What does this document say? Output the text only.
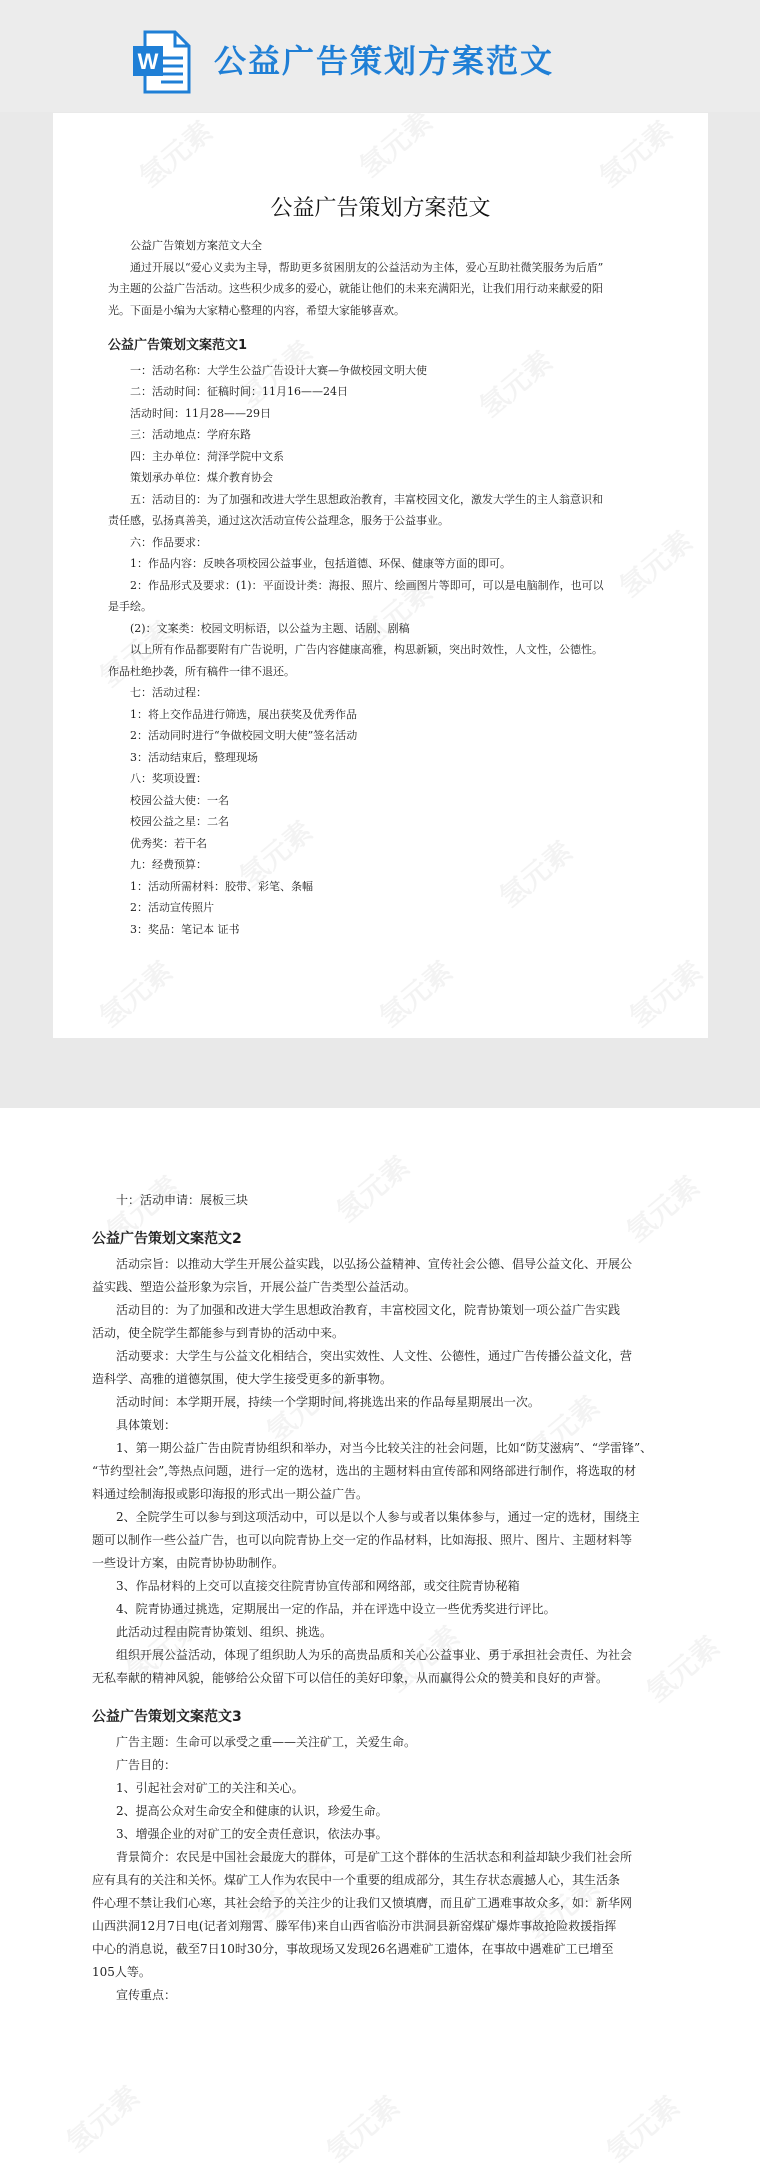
W 公益广告策划方案范文
公益广告策划方案范文

公益广告策划方案范文大全

通过开展以“爱心义卖为主导，帮助更多贫困朋友的公益活动为主体，爱心互助社微笑服务为后盾”

为主题的公益广告活动。这些积少成多的爱心，就能让他们的未来充满阳光，让我们用行动来献爱的阳

光。下面是小编为大家精心整理的内容，希望大家能够喜欢。

公益广告策划文案范文1

一：活动名称：大学生公益广告设计大赛—争做校园文明大使

二：活动时间：征稿时间：11月16——24日

活动时间：11月28——29日

三：活动地点：学府东路

四：主办单位：菏泽学院中文系

策划承办单位：煤介教育协会

五：活动目的：为了加强和改进大学生思想政治教育，丰富校园文化，激发大学生的主人翁意识和

责任感，弘扬真善美，通过这次活动宣传公益理念，服务于公益事业。

六：作品要求：

1：作品内容：反映各项校园公益事业，包括道德、环保、健康等方面的即可。

2：作品形式及要求：(1)：平面设计类：海报、照片、绘画图片等即可，可以是电脑制作，也可以

是手绘。

(2)：文案类：校园文明标语，以公益为主题、话剧、剧稿

以上所有作品都要附有广告说明，广告内容健康高雅，构思新颖，突出时效性，人文性，公德性。

作品杜绝抄袭，所有稿件一律不退还。

七：活动过程：

1：将上交作品进行筛选，展出获奖及优秀作品

2：活动同时进行“争做校园文明大使”签名活动

3：活动结束后，整理现场

八：奖项设置：

校园公益大使：一名

校园公益之星：二名

优秀奖：若干名

九：经费预算：

1：活动所需材料：胶带、彩笔、条幅

2：活动宣传照片

3：奖品：笔记本 证书

十：活动申请：展板三块

公益广告策划文案范文2

活动宗旨：以推动大学生开展公益实践，以弘扬公益精神、宣传社会公德、倡导公益文化、开展公

益实践、塑造公益形象为宗旨，开展公益广告类型公益活动。

活动目的：为了加强和改进大学生思想政治教育，丰富校园文化，院青协策划一项公益广告实践

活动，使全院学生都能参与到青协的活动中来。

活动要求：大学生与公益文化相结合，突出实效性、人文性、公德性，通过广告传播公益文化，营

造科学、高雅的道德氛围，使大学生接受更多的新事物。

活动时间：本学期开展，持续一个学期时间,将挑选出来的作品每星期展出一次。

具体策划：

1、第一期公益广告由院青协组织和举办，对当今比较关注的社会问题，比如“防艾滋病”、“学雷锋”、

“节约型社会”,等热点问题，进行一定的选材，选出的主题材料由宣传部和网络部进行制作，将选取的材

料通过绘制海报或影印海报的形式出一期公益广告。

2、全院学生可以参与到这项活动中，可以是以个人参与或者以集体参与，通过一定的选材，围绕主

题可以制作一些公益广告，也可以向院青协上交一定的作品材料，比如海报、照片、图片、主题材料等

一些设计方案，由院青协协助制作。

3、作品材料的上交可以直接交往院青协宣传部和网络部，或交往院青协秘箱

4、院青协通过挑选，定期展出一定的作品，并在评选中设立一些优秀奖进行评比。

此活动过程由院青协策划、组织、挑选。

组织开展公益活动，体现了组织助人为乐的高贵品质和关心公益事业、勇于承担社会责任、为社会

无私奉献的精神风貌，能够给公众留下可以信任的美好印象，从而赢得公众的赞美和良好的声誉。

公益广告策划文案范文3

广告主题：生命可以承受之重——关注矿工，关爱生命。

广告目的：

1、引起社会对矿工的关注和关心。

2、提高公众对生命安全和健康的认识，珍爱生命。

3、增强企业的对矿工的安全责任意识，依法办事。

背景简介：农民是中国社会最庞大的群体，可是矿工这个群体的生活状态和利益却缺少我们社会所

应有具有的关注和关怀。煤矿工人作为农民中一个重要的组成部分，其生存状态震撼人心，其生活条

件心理不禁让我们心寒，其社会给予的关注少的让我们又愤填膺，而且矿工遇难事故众多，如：新华网

山西洪洞12月7日电(记者刘翔霄、滕军伟)来自山西省临汾市洪洞县新窑煤矿爆炸事故抢险救援指挥

中心的消息说，截至7日10时30分，事故现场又发现26名遇难矿工遗体，在事故中遇难矿工已增至

105人等。

宣传重点：
